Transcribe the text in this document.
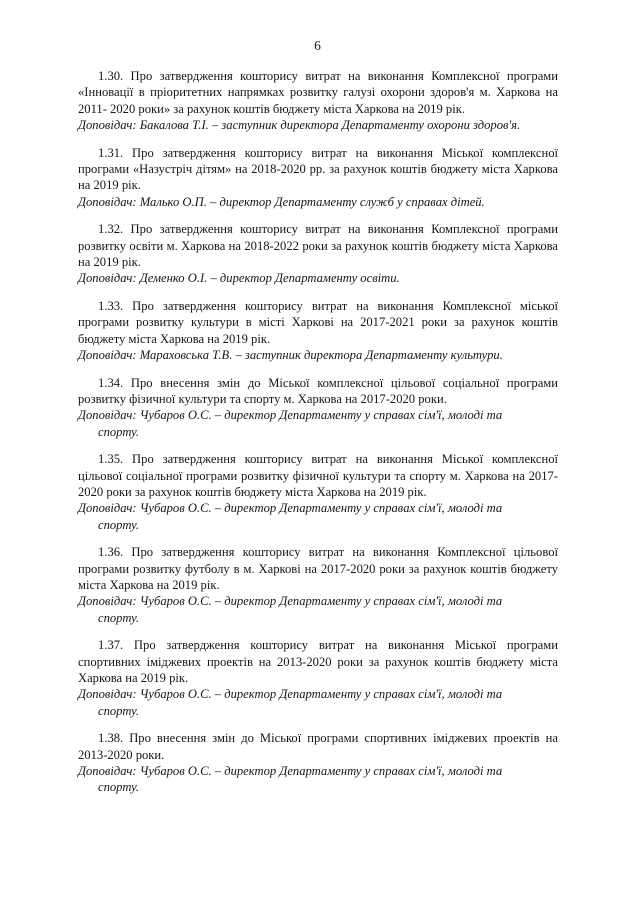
6

1.30. Про затвердження кошторису витрат на виконання Комплексної програми «Інновації в пріоритетних напрямках розвитку галузі охорони здоров'я м. Харкова на 2011- 2020 роки» за рахунок коштів бюджету міста Харкова на 2019 рік.

Доповідач: Бакалова Т.І. – заступник директора Департаменту охорони здоров'я.

1.31. Про затвердження кошторису витрат на виконання Міської комплексної програми «Назустріч дітям» на 2018-2020 рр. за рахунок коштів бюджету міста Харкова на 2019 рік.

Доповідач: Малько О.П. – директор Департаменту служб у справах дітей.

1.32. Про затвердження кошторису витрат на виконання Комплексної програми розвитку освіти м. Харкова на 2018-2022 роки за рахунок коштів бюджету міста Харкова на 2019 рік.

Доповідач: Деменко О.І. – директор Департаменту освіти.

1.33. Про затвердження кошторису витрат на виконання Комплексної міської програми розвитку культури в місті Харкові на 2017-2021 роки за рахунок коштів бюджету міста Харкова на 2019 рік.

Доповідач: Мараховська Т.В. – заступник директора Департаменту культури.

1.34. Про внесення змін до Міської комплексної цільової соціальної програми розвитку фізичної культури та спорту м. Харкова на 2017-2020 роки.

Доповідач: Чубаров О.С. – директор Департаменту у справах сім'ї, молоді та
спорту.

1.35. Про затвердження кошторису витрат на виконання Міської комплексної цільової соціальної програми розвитку фізичної культури та спорту м. Харкова на 2017-2020 роки за рахунок коштів бюджету міста Харкова на 2019 рік.

Доповідач: Чубаров О.С. – директор Департаменту у справах сім'ї, молоді та
спорту.

1.36. Про затвердження кошторису витрат на виконання Комплексної цільової програми розвитку футболу в м. Харкові на 2017-2020 роки за рахунок коштів бюджету міста Харкова на 2019 рік.

Доповідач: Чубаров О.С. – директор Департаменту у справах сім'ї, молоді та
спорту.

1.37. Про затвердження кошторису витрат на виконання Міської програми спортивних іміджевих проектів на 2013-2020 роки за рахунок коштів бюджету міста Харкова на 2019 рік.

Доповідач: Чубаров О.С. – директор Департаменту у справах сім'ї, молоді та
спорту.

1.38. Про внесення змін до Міської програми спортивних іміджевих проектів на 2013-2020 роки.

Доповідач: Чубаров О.С. – директор Департаменту у справах сім'ї, молоді та
спорту.
